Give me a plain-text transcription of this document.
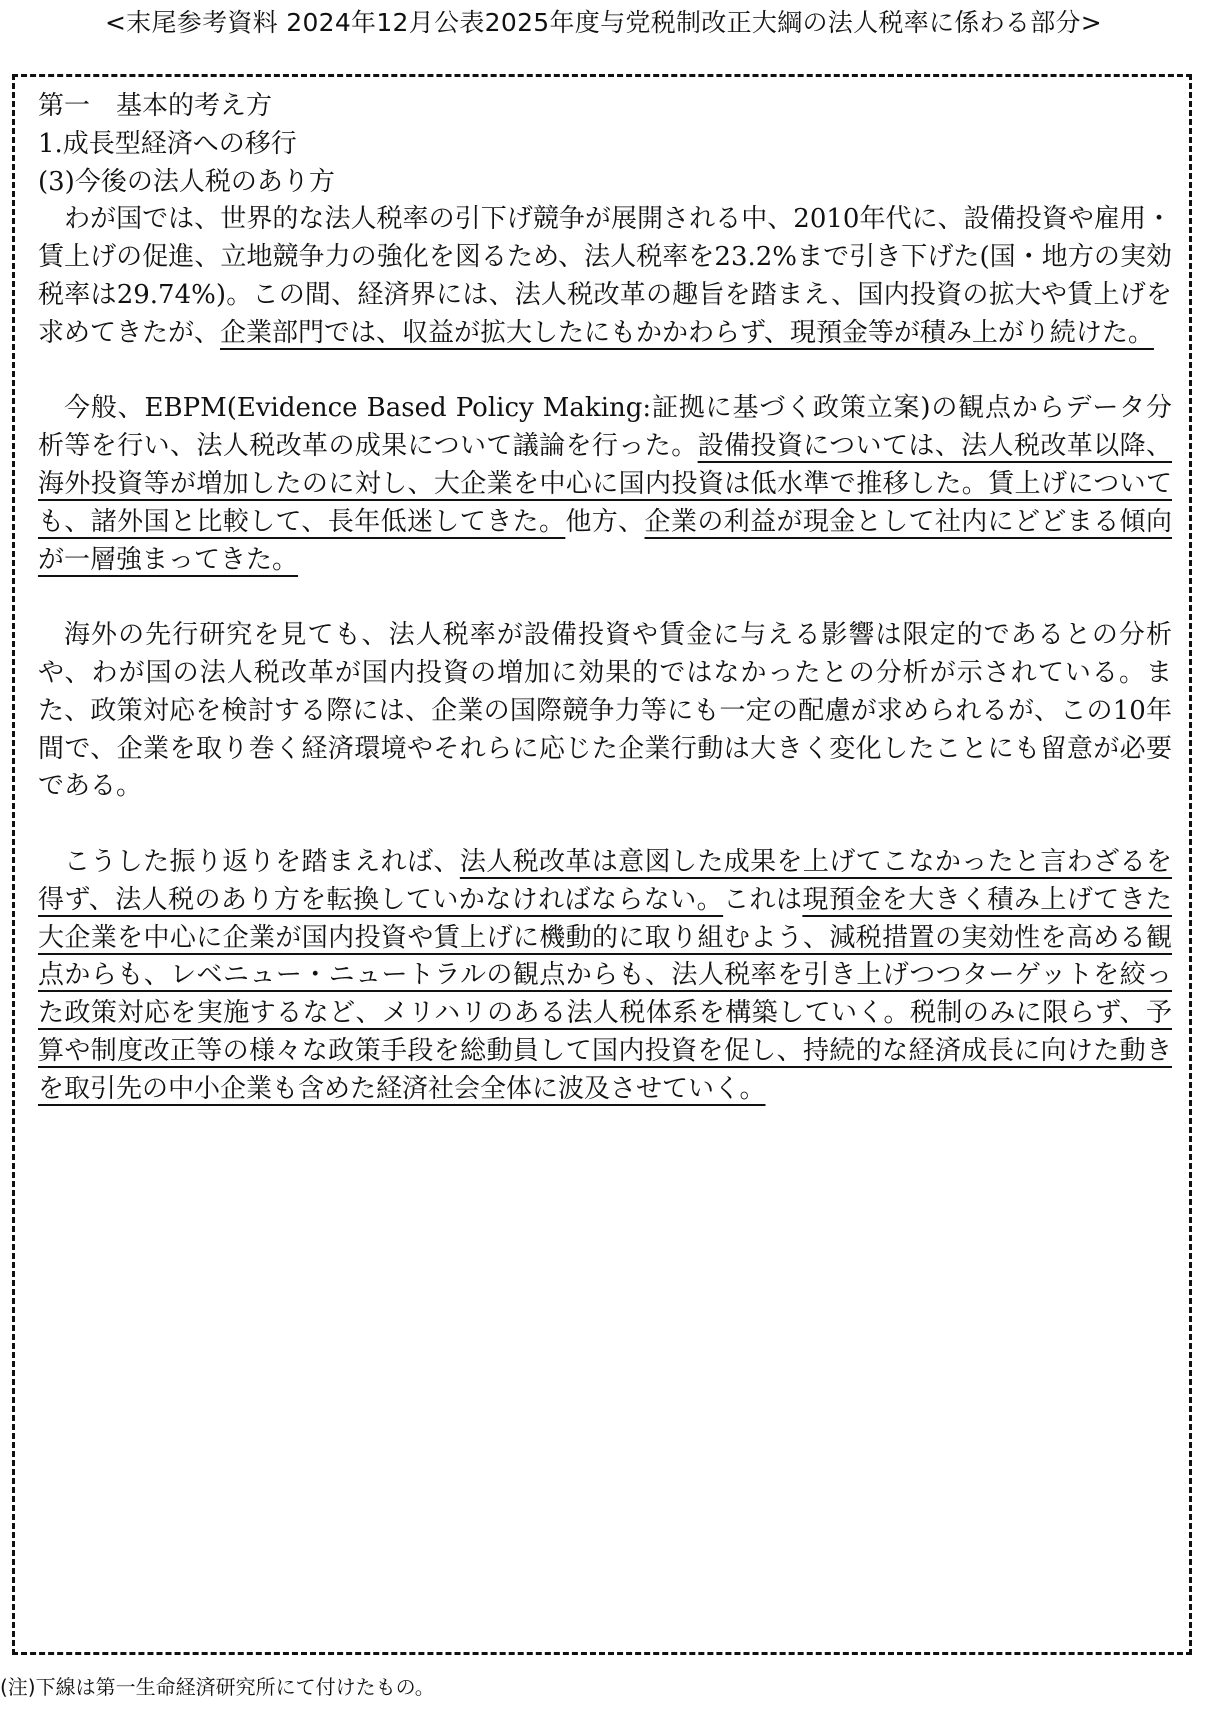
<末尾参考資料 2024年12月公表2025年度与党税制改正大綱の法人税率に係わる部分>

第一　基本的考え方

1.成長型経済への移行

(3)今後の法人税のあり方

わが国では、世界的な法人税率の引下げ競争が展開される中、2010年代に、設備投資や雇用・賃上げの促進、立地競争力の強化を図るため、法人税率を23.2%まで引き下げた(国・地方の実効税率は29.74%)。この間、経済界には、法人税改革の趣旨を踏まえ、国内投資の拡大や賃上げを求めてきたが、企業部門では、収益が拡大したにもかかわらず、現預金等が積み上がり続けた。

今般、EBPM(Evidence Based Policy Making:証拠に基づく政策立案)の観点からデータ分析等を行い、法人税改革の成果について議論を行った。設備投資については、法人税改革以降、海外投資等が増加したのに対し、大企業を中心に国内投資は低水準で推移した。賃上げについても、諸外国と比較して、長年低迷してきた。他方、企業の利益が現金として社内にどどまる傾向が一層強まってきた。

海外の先行研究を見ても、法人税率が設備投資や賃金に与える影響は限定的であるとの分析や、わが国の法人税改革が国内投資の増加に効果的ではなかったとの分析が示されている。また、政策対応を検討する際には、企業の国際競争力等にも一定の配慮が求められるが、この10年間で、企業を取り巻く経済環境やそれらに応じた企業行動は大きく変化したことにも留意が必要である。

こうした振り返りを踏まえれば、法人税改革は意図した成果を上げてこなかったと言わざるを得ず、法人税のあり方を転換していかなければならない。これは現預金を大きく積み上げてきた大企業を中心に企業が国内投資や賃上げに機動的に取り組むよう、減税措置の実効性を高める観点からも、レベニュー・ニュートラルの観点からも、法人税率を引き上げつつターゲットを絞った政策対応を実施するなど、メリハリのある法人税体系を構築していく。税制のみに限らず、予算や制度改正等の様々な政策手段を総動員して国内投資を促し、持続的な経済成長に向けた動きを取引先の中小企業も含めた経済社会全体に波及させていく。

(注)下線は第一生命経済研究所にて付けたもの。
